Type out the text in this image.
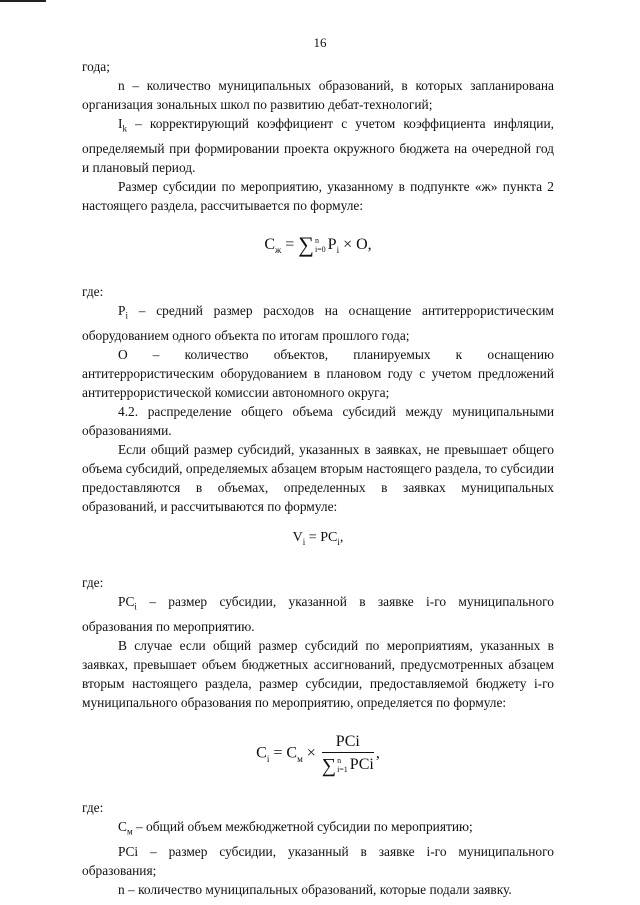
16

года;

n – количество муниципальных образований, в которых запланирована организация зональных школ по развитию дебат-технологий;

$I_k$ – корректирующий коэффициент с учетом коэффициента инфляции, определяемый при формировании проекта окружного бюджета на очередной год и плановый период.

Размер субсидии по мероприятию, указанному в подпункте «ж» пункта 2 настоящего раздела, рассчитывается по формуле:

$C_ж = \sum n$
i=0 $P_i \times O$,

где:

$P_i$ – средний размер расходов на оснащение антитеррористическим оборудованием одного объекта по итогам прошлого года;

O – количество объектов, планируемых к оснащению антитеррористическим оборудованием в плановом году с учетом предложений антитеррористической комиссии автономного округа;

4.2. распределение общего объема субсидий между муниципальными образованиями.

Если общий размер субсидий, указанных в заявках, не превышает общего объема субсидий, определяемых абзацем вторым настоящего раздела, то субсидии предоставляются в объемах, определенных в заявках муниципальных образований, и рассчитываются по формуле:

$V_i = PC_i$,

где:

$PC_i$ – размер субсидии, указанной в заявке i-го муниципального образования по мероприятию.

В случае если общий размер субсидий по мероприятиям, указанных в заявках, превышает объем бюджетных ассигнований, предусмотренных абзацем вторым настоящего раздела, размер субсидии, предоставляемой бюджету i-го муниципального образования по мероприятию, определяется по формуле:

$C_i = C_м$ ×
PCi
∑n
i=1 PCi
,

где:

$C_м$ – общий объем межбюджетной субсидии по мероприятию;

PCi – размер субсидии, указанный в заявке i-го муниципального образования;

n – количество муниципальных образований, которые подали заявку.
